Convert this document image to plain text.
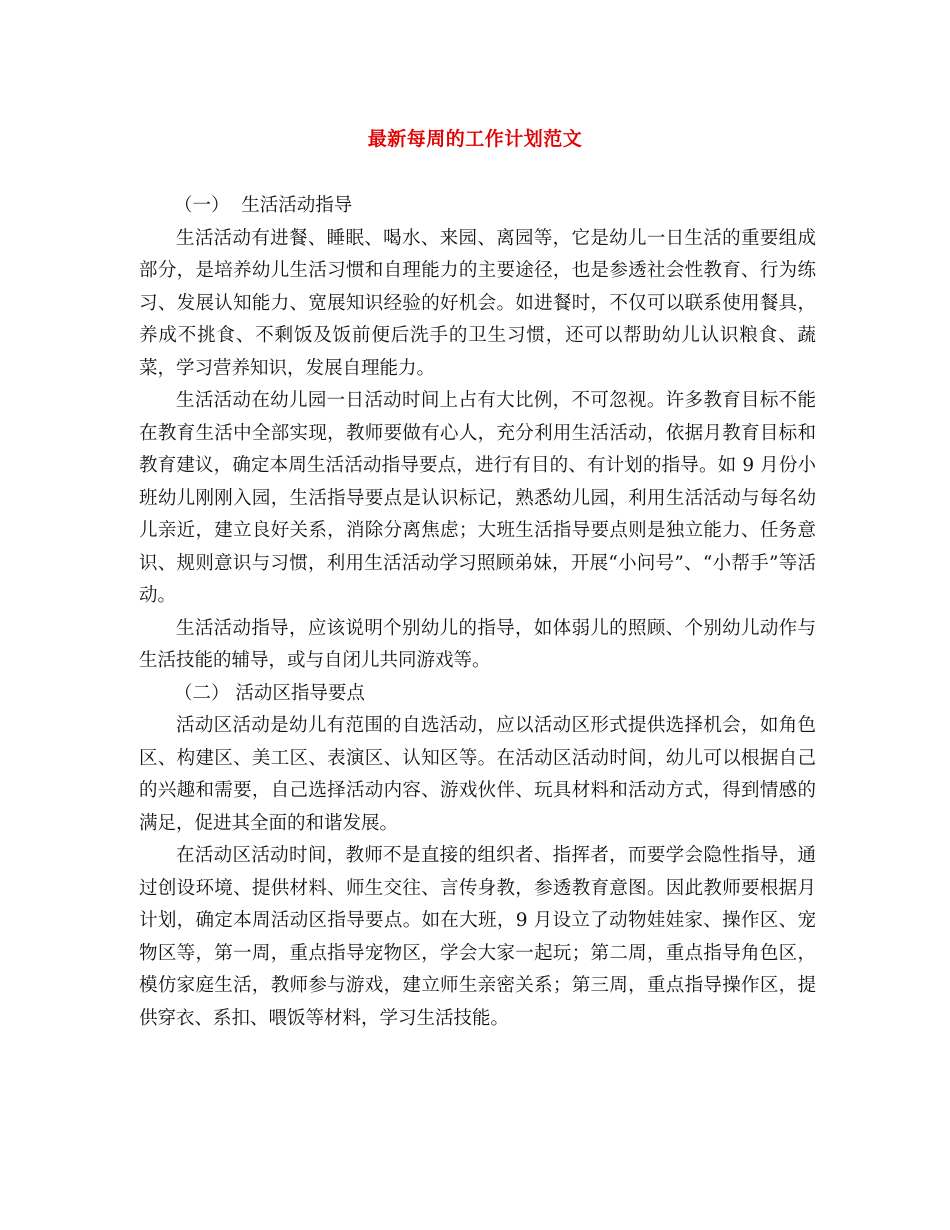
最新每周的工作计划范文

（一）  生活活动指导

生活活动有进餐、睡眠、喝水、来园、离园等，它是幼儿一日生活的重要组成部分，是培养幼儿生活习惯和自理能力的主要途径，也是参透社会性教育、行为练习、发展认知能力、宽展知识经验的好机会。如进餐时，不仅可以联系使用餐具，养成不挑食、不剩饭及饭前便后洗手的卫生习惯，还可以帮助幼儿认识粮食、蔬菜，学习营养知识，发展自理能力。

生活活动在幼儿园一日活动时间上占有大比例，不可忽视。许多教育目标不能在教育生活中全部实现，教师要做有心人，充分利用生活活动，依据月教育目标和教育建议，确定本周生活活动指导要点，进行有目的、有计划的指导。如 9 月份小班幼儿刚刚入园，生活指导要点是认识标记，熟悉幼儿园，利用生活活动与每名幼儿亲近，建立良好关系，消除分离焦虑；大班生活指导要点则是独立能力、任务意识、规则意识与习惯，利用生活活动学习照顾弟妹，开展“小问号”、“小帮手”等活动。

生活活动指导，应该说明个别幼儿的指导，如体弱儿的照顾、个别幼儿动作与生活技能的辅导，或与自闭儿共同游戏等。

（二） 活动区指导要点

活动区活动是幼儿有范围的自选活动，应以活动区形式提供选择机会，如角色区、构建区、美工区、表演区、认知区等。在活动区活动时间，幼儿可以根据自己的兴趣和需要，自己选择活动内容、游戏伙伴、玩具材料和活动方式，得到情感的满足，促进其全面的和谐发展。

在活动区活动时间，教师不是直接的组织者、指挥者，而要学会隐性指导，通过创设环境、提供材料、师生交往、言传身教，参透教育意图。因此教师要根据月计划，确定本周活动区指导要点。如在大班，9 月设立了动物娃娃家、操作区、宠物区等，第一周，重点指导宠物区，学会大家一起玩；第二周，重点指导角色区，模仿家庭生活，教师参与游戏，建立师生亲密关系；第三周，重点指导操作区，提供穿衣、系扣、喂饭等材料，学习生活技能。
